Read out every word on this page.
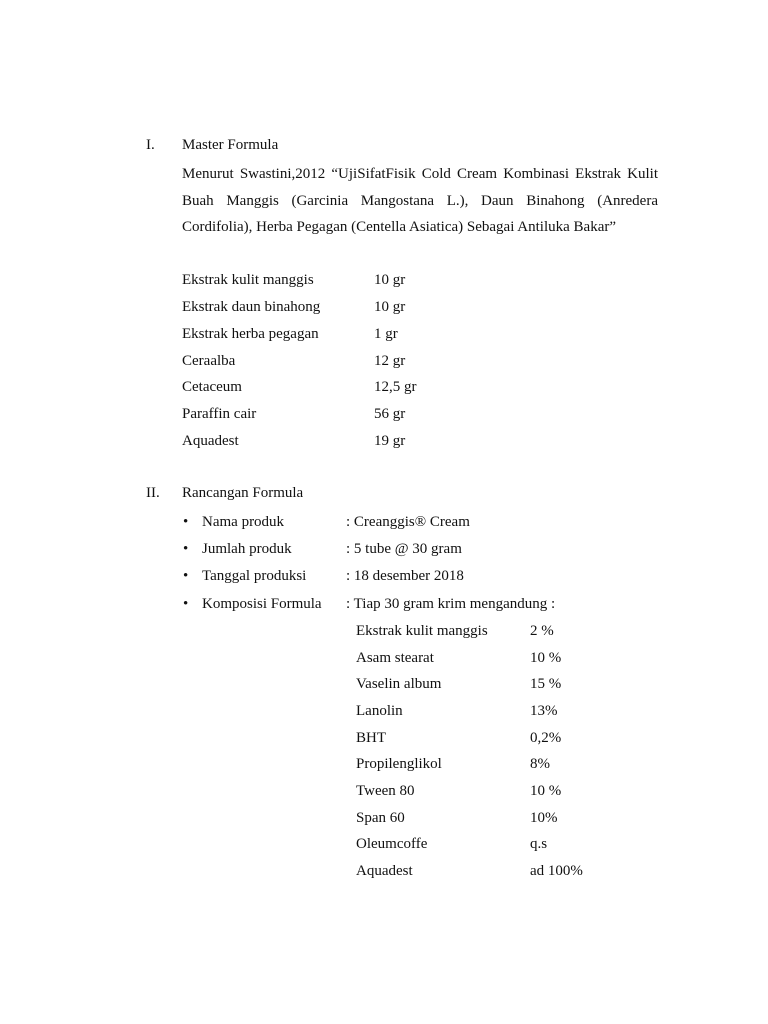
I. Master Formula
Menurut Swastini,2012 “UjiSifatFisik Cold Cream Kombinasi Ekstrak Kulit Buah Manggis (Garcinia Mangostana L.), Daun Binahong (Anredera Cordifolia), Herba Pegagan (Centella Asiatica) Sebagai Antiluka Bakar”
Ekstrak kulit manggis	10 gr
Ekstrak daun binahong	10 gr
Ekstrak herba pegagan	1 gr
Ceraalba	12 gr
Cetaceum	12,5 gr
Paraffin cair	56 gr
Aquadest	19 gr
II. Rancangan Formula
• Nama produk	: Creanggis® Cream
• Jumlah produk	: 5 tube @ 30 gram
• Tanggal produksi	: 18 desember 2018
• Komposisi Formula : Tiap 30 gram krim mengandung :
Ekstrak kulit manggis	2 %
Asam stearat	10 %
Vaselin album	15 %
Lanolin	13%
BHT	0,2%
Propilenglikol	8%
Tween 80	10 %
Span 60	10%
Oleumcoffe	q.s
Aquadest	ad 100%
